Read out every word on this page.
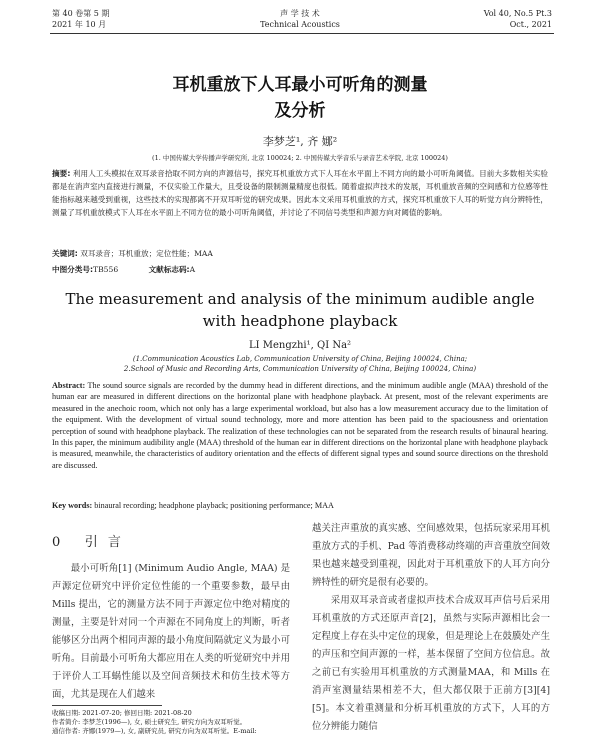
第 40 卷第 5 期
2021 年 10 月
声 学 技 术
Technical Acoustics
Vol 40, No.5 Pt.3
Oct., 2021
耳机重放下人耳最小可听角的测量
及分析
李梦芝¹, 齐 娜²
(1. 中国传媒大学传播声学研究所, 北京 100024; 2. 中国传媒大学音乐与录音艺术学院, 北京 100024)
摘要: 利用人工头模拟在双耳录音拾取不同方向的声源信号，探究耳机重放方式下人耳在水平面上不同方向的最小可听角阈值。目前大多数相关实验都是在消声室内直接进行测量，不仅实验工作量大，且受设备的限制测量精度也很低。随着虚拟声技术的发展，耳机重放音频的空间感和方位感等性能指标越来越受到重视，这些技术的实现都离不开双耳听觉的研究成果。因此本文采用耳机重放的方式，探究耳机重放下人耳的听觉方向分辨特性，测量了耳机重放模式下人耳在水平面上不同方位的最小可听角阈值，并讨论了不同信号类型和声源方向对阈值的影响。
关键词: 双耳录音；耳机重放；定位性能；MAA
中图分类号:TB556	文献标志码:A
The measurement and analysis of the minimum audible angle
with headphone playback
LI Mengzhi¹, QI Na²
(1.Communication Acoustics Lab, Communication University of China, Beijing 100024, China;
2.School of Music and Recording Arts, Communication University of China, Beijing 100024, China)
Abstract: The sound source signals are recorded by the dummy head in different directions, and the minimum audible angle (MAA) threshold of the human ear are measured in different directions on the horizontal plane with headphone playback. At present, most of the relevant experiments are measured in the anechoic room, which not only has a large experimental workload, but also has a low measurement accuracy due to the limitation of the equipment. With the development of virtual sound technology, more and more attention has been paid to the spaciousness and orientation perception of sound with headphone playback. The realization of these technologies can not be separated from the research results of binaural hearing. In this paper, the minimum audibility angle (MAA) threshold of the human ear in different directions on the horizontal plane with headphone playback is measured, meanwhile, the characteristics of auditory orientation and the effects of different signal types and sound source directions on the threshold are discussed.
Key words: binaural recording; headphone playback; positioning performance; MAA
0 引 言

最小可听角[1] (Minimum Audio Angle, MAA) 是声源定位研究中评价定位性能的一个重要参数，最早由 Mills 提出，它的测量方法不同于声源定位中绝对精度的测量，主要是针对同一个声源在不同角度上的判断，听者能够区分出两个相同声源的最小角度间隔就定义为最小可听角。目前最小可听角大都应用在人类的听觉研究中并用于评价人工耳蜗性能以及空间音频技术和仿生技术等方面，尤其是现在人们越来

越关注声重放的真实感、空间感效果，包括玩家采用耳机重放方式的手机、Pad 等消费移动终端的声音重放空间效果也越来越受到重视，因此对于耳机重放下的人耳方向分辨特性的研究是很有必要的。

采用双耳录音或者虚拟声技术合成双耳声信号后采用耳机重放的方式还原声音[2]，虽然与实际声源相比会一定程度上存在头中定位的现象，但是理论上在鼓膜处产生的声压和空间声源的一样，基本保留了空间方位信息。故之前已有实验用耳机重放的方式测量MAA，和 Mills 在消声室测量结果相差不大，但大都仅限于正前方[3][4][5]。本文着重测量和分析耳机重放的方式下，人耳的方位分辨能力随信

收稿日期: 2021-07-20; 修回日期: 2021-08-20
作者简介: 李梦芝(1996—), 女, 硕士研究生, 研究方向为双耳听觉。
通信作者: 齐娜(1979—), 女, 副研究员, 研究方向为双耳听觉。E-mail:
